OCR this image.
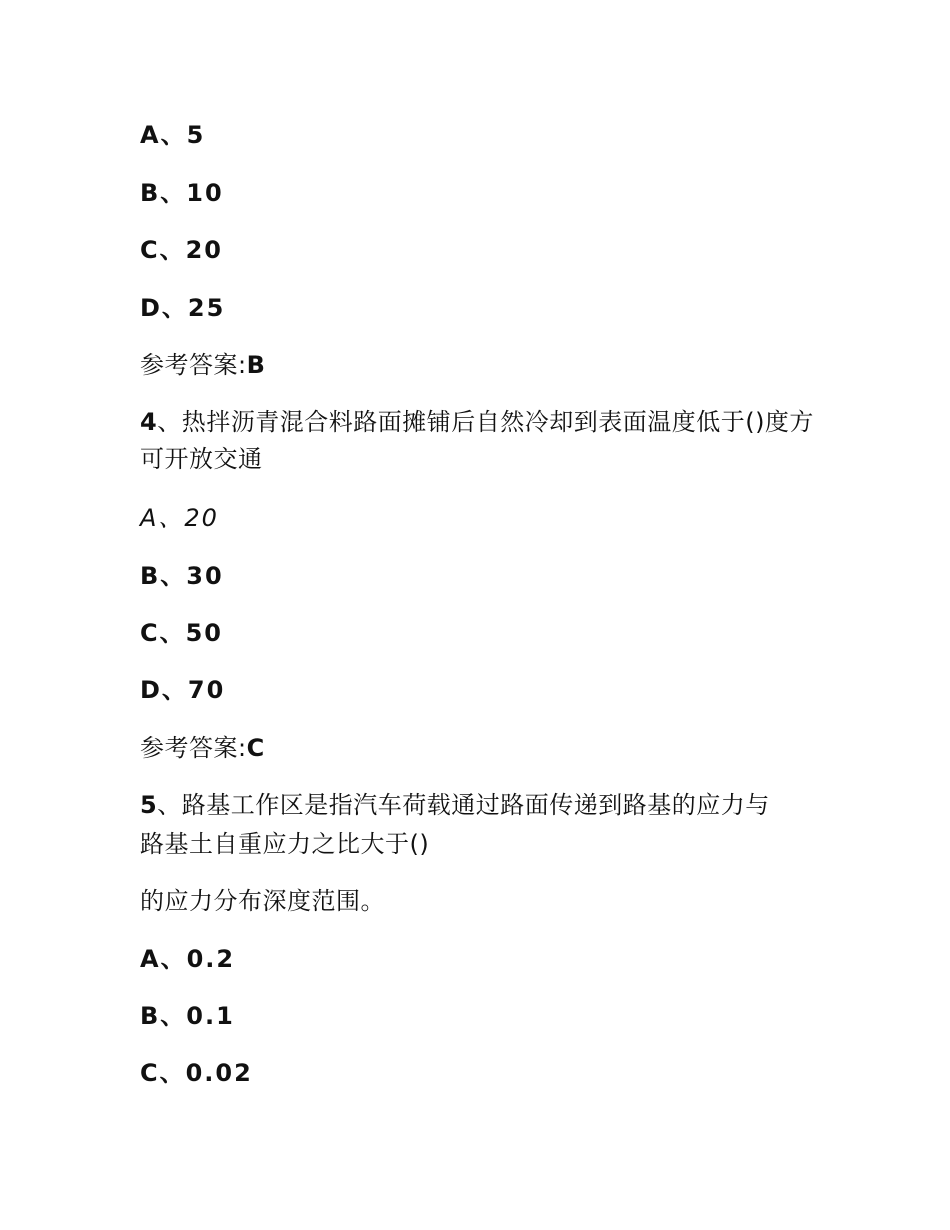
A、5
B、10
C、20
D、25
参考答案:B
4、热拌沥青混合料路面摊铺后自然冷却到表面温度低于()度方可开放交通
A、20
B、30
C、50
D、70
参考答案:C
5、路基工作区是指汽车荷载通过路面传递到路基的应力与
路基土自重应力之比大于()
的应力分布深度范围。
A、0.2
B、0.1
C、0.02
